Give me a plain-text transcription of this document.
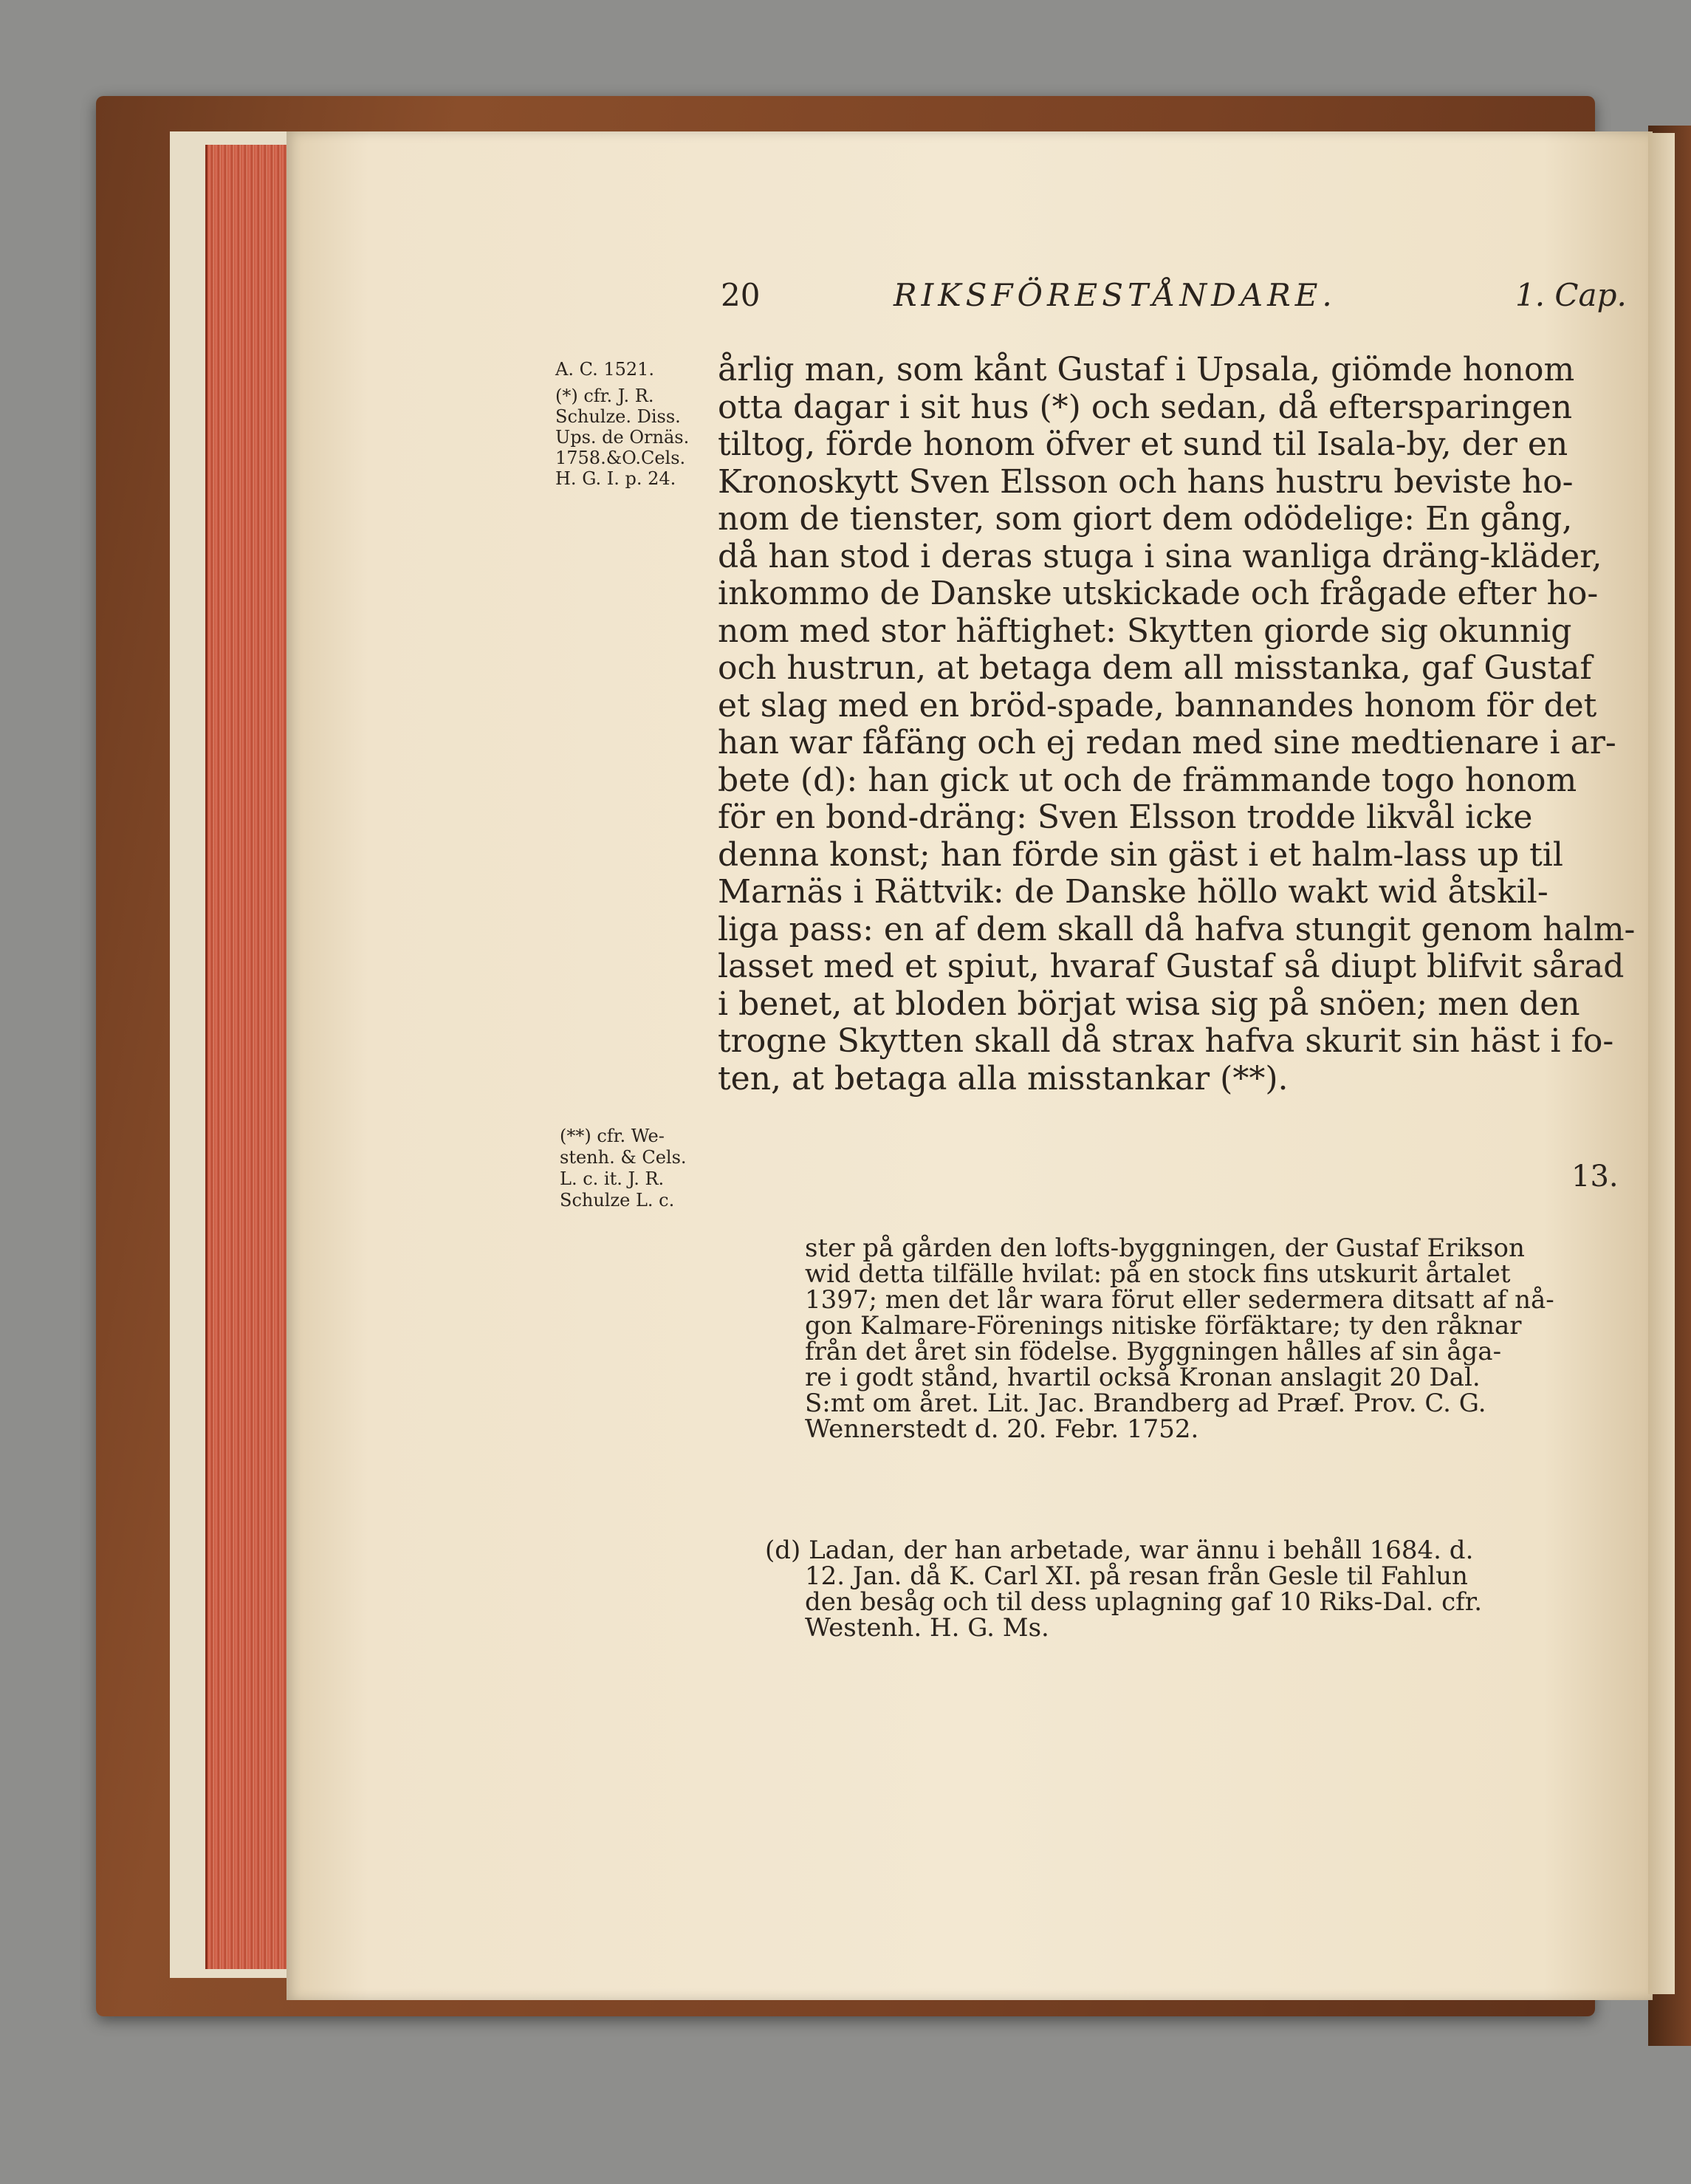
20	RIKSFÖRESTÅNDARE.	1. Cap.
A. C. 1521.
(*) cfr. J. R.
Schulze. Diss.
Ups. de Ornäs.
1758.&O.Cels.
H. G. I. p. 24.
(**) cfr. We-
stenh. & Cels.
L. c. it. J. R.
Schulze L. c.
årlig man, som kånt Gustaf i Upsala, giömde honom
otta dagar i sit hus (*) och sedan, då eftersparingen
tiltog, förde honom öfver et sund til Isala-by, der en
Kronoskytt Sven Elsson och hans hustru beviste ho-
nom de tienster, som giort dem odödelige: En gång,
då han stod i deras stuga i sina wanliga dräng-kläder,
inkommo de Danske utskickade och frågade efter ho-
nom med stor häftighet: Skytten giorde sig okunnig
och hustrun, at betaga dem all misstanka, gaf Gustaf
et slag med en bröd-spade, bannandes honom för det
han war fåfäng och ej redan med sine medtienare i ar-
bete (d): han gick ut och de främmande togo honom
för en bond-dräng: Sven Elsson trodde likvål icke
denna konst; han förde sin gäst i et halm-lass up til
Marnäs i Rättvik: de Danske höllo wakt wid åtskil-
liga pass: en af dem skall då hafva stungit genom halm-
lasset med et spiut, hvaraf Gustaf så diupt blifvit sårad
i benet, at bloden börjat wisa sig på snöen; men den
trogne Skytten skall då strax hafva skurit sin häst i fo-
ten, at betaga alla misstankar (**).
13.
ster på gården den lofts-byggningen, der Gustaf Erikson
wid detta tilfälle hvilat: på en stock fins utskurit årtalet
1397; men det lår wara förut eller sedermera ditsatt af nå-
gon Kalmare-Förenings nitiske förfäktare; ty den råknar
från det året sin födelse. Byggningen hålles af sin åga-
re i godt stånd, hvartil också Kronan anslagit 20 Dal.
S:mt om året. Lit. Jac. Brandberg ad Præf. Prov. C. G.
Wennerstedt d. 20. Febr. 1752.
(d) Ladan, der han arbetade, war ännu i behåll 1684. d.
12. Jan. då K. Carl XI. på resan från Gesle til Fahlun
den besåg och til dess uplagning gaf 10 Riks-Dal. cfr.
Westenh. H. G. Ms.
